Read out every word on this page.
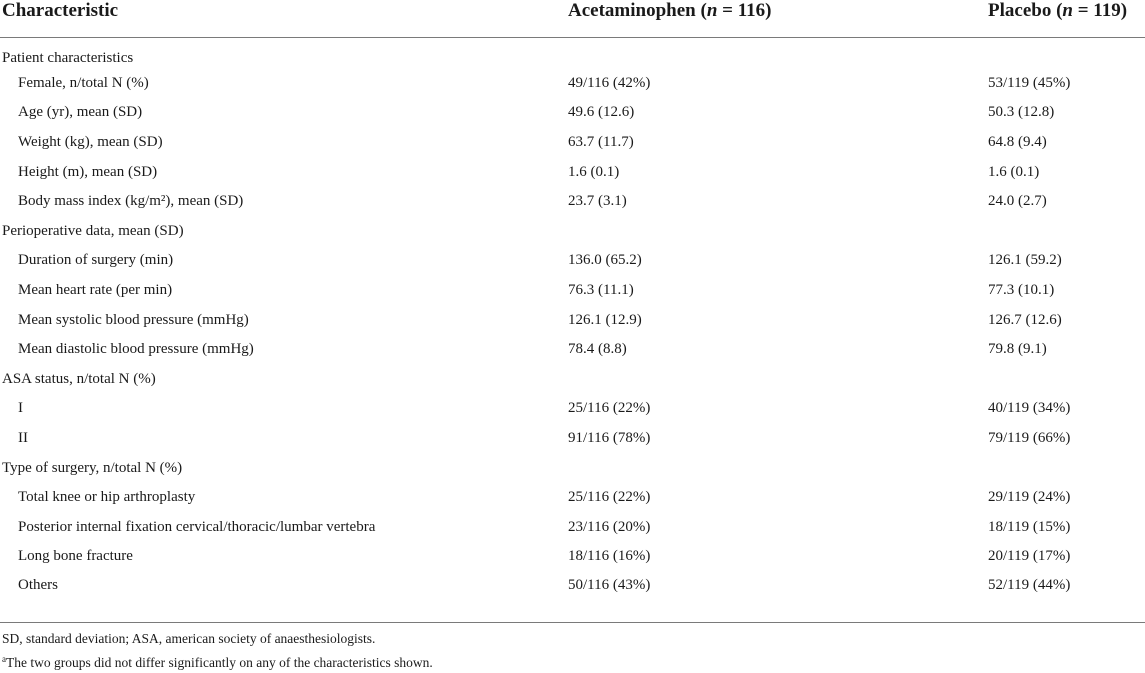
Characteristic	Acetaminophen (n = 116)	Placebo (n = 119)
Patient characteristics		
Female, n/total N (%)	49/116 (42%)	53/119 (45%)
Age (yr), mean (SD)	49.6 (12.6)	50.3 (12.8)
Weight (kg), mean (SD)	63.7 (11.7)	64.8 (9.4)
Height (m), mean (SD)	1.6 (0.1)	1.6 (0.1)
Body mass index (kg/m²), mean (SD)	23.7 (3.1)	24.0 (2.7)
Perioperative data, mean (SD)		
Duration of surgery (min)	136.0 (65.2)	126.1 (59.2)
Mean heart rate (per min)	76.3 (11.1)	77.3 (10.1)
Mean systolic blood pressure (mmHg)	126.1 (12.9)	126.7 (12.6)
Mean diastolic blood pressure (mmHg)	78.4 (8.8)	79.8 (9.1)
ASA status, n/total N (%)		
I	25/116 (22%)	40/119 (34%)
II	91/116 (78%)	79/119 (66%)
Type of surgery, n/total N (%)		
Total knee or hip arthroplasty	25/116 (22%)	29/119 (24%)
Posterior internal fixation cervical/thoracic/lumbar vertebra	23/116 (20%)	18/119 (15%)
Long bone fracture	18/116 (16%)	20/119 (17%)
Others	50/116 (43%)	52/119 (44%)
SD, standard deviation; ASA, american society of anaesthesiologists.
$^a$The two groups did not differ significantly on any of the characteristics shown.
